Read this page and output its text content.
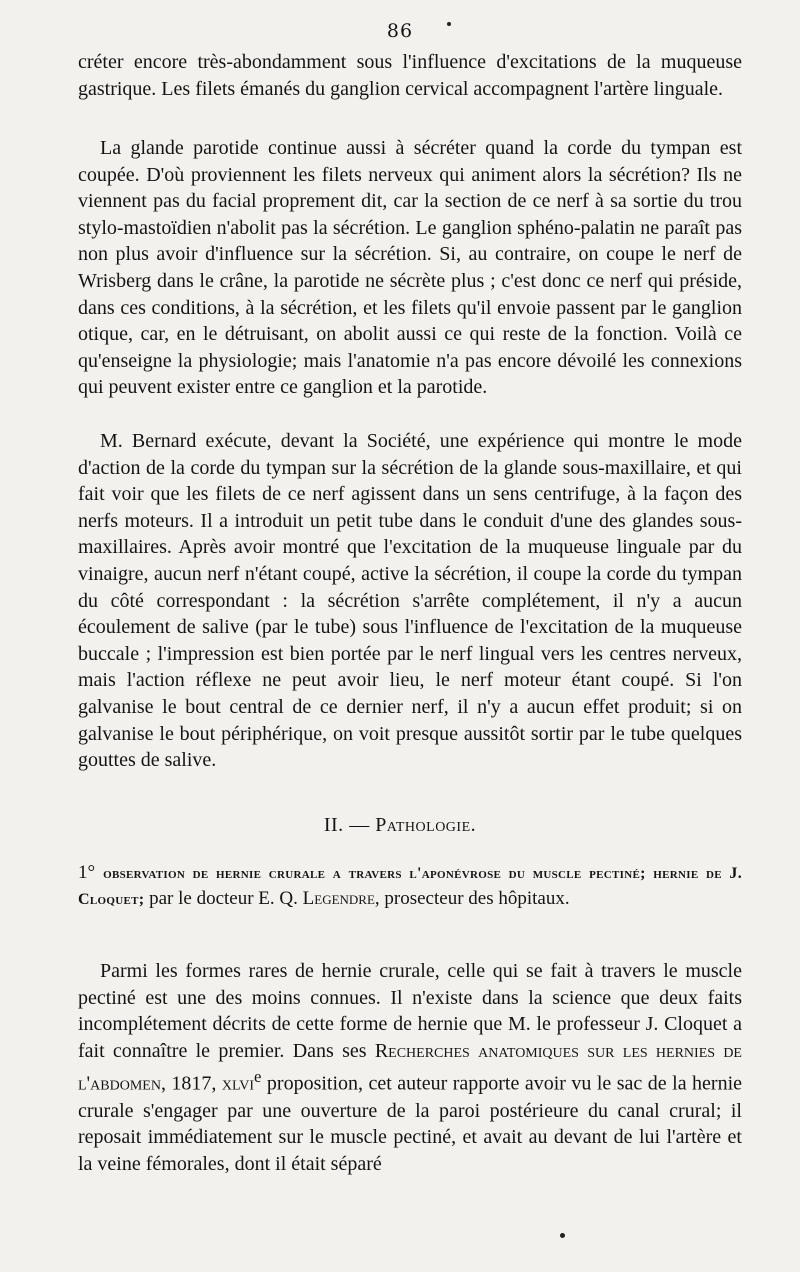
86

créter encore très-abondamment sous l'influence d'excitations de la muqueuse gastrique. Les filets émanés du ganglion cervical accompagnent l'artère linguale.

La glande parotide continue aussi à sécréter quand la corde du tympan est coupée. D'où proviennent les filets nerveux qui animent alors la sécrétion? Ils ne viennent pas du facial proprement dit, car la section de ce nerf à sa sortie du trou stylo-mastoïdien n'abolit pas la sécrétion. Le ganglion sphéno-palatin ne paraît pas non plus avoir d'influence sur la sécrétion. Si, au contraire, on coupe le nerf de Wrisberg dans le crâne, la parotide ne sécrète plus ; c'est donc ce nerf qui préside, dans ces conditions, à la sécrétion, et les filets qu'il envoie passent par le ganglion otique, car, en le détruisant, on abolit aussi ce qui reste de la fonction. Voilà ce qu'enseigne la physiologie; mais l'anatomie n'a pas encore dévoilé les connexions qui peuvent exister entre ce ganglion et la parotide.

M. Bernard exécute, devant la Société, une expérience qui montre le mode d'action de la corde du tympan sur la sécrétion de la glande sous-maxillaire, et qui fait voir que les filets de ce nerf agissent dans un sens centrifuge, à la façon des nerfs moteurs. Il a introduit un petit tube dans le conduit d'une des glandes sous-maxillaires. Après avoir montré que l'excitation de la muqueuse linguale par du vinaigre, aucun nerf n'étant coupé, active la sécrétion, il coupe la corde du tympan du côté correspondant : la sécrétion s'arrête complétement, il n'y a aucun écoulement de salive (par le tube) sous l'influence de l'excitation de la muqueuse buccale ; l'impression est bien portée par le nerf lingual vers les centres nerveux, mais l'action réflexe ne peut avoir lieu, le nerf moteur étant coupé. Si l'on galvanise le bout central de ce dernier nerf, il n'y a aucun effet produit; si on galvanise le bout périphérique, on voit presque aussitôt sortir par le tube quelques gouttes de salive.

II. — Pathologie.

1° observation de hernie crurale a travers l'aponévrose du muscle pectiné; hernie de J. Cloquet; par le docteur E. Q. Legendre, prosecteur des hôpitaux.

Parmi les formes rares de hernie crurale, celle qui se fait à travers le muscle pectiné est une des moins connues. Il n'existe dans la science que deux faits incomplétement décrits de cette forme de hernie que M. le professeur J. Cloquet a fait connaître le premier. Dans ses Recherches anatomiques sur les hernies de l'abdomen, 1817, xlvi$^e$ proposition, cet auteur rapporte avoir vu le sac de la hernie crurale s'engager par une ouverture de la paroi postérieure du canal crural; il reposait immédiatement sur le muscle pectiné, et avait au devant de lui l'artère et la veine fémorales, dont il était séparé
